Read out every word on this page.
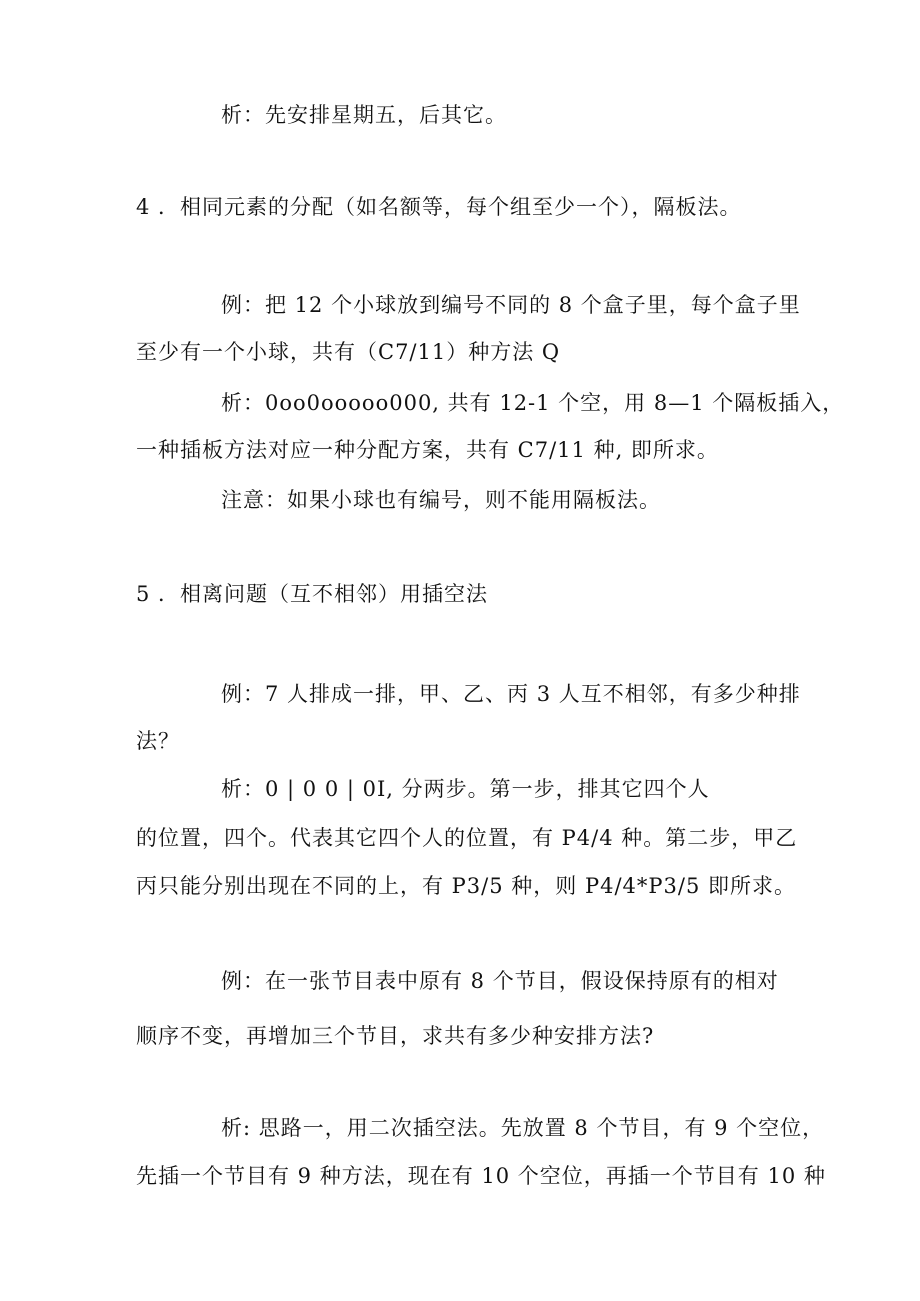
析：先安排星期五，后其它。

4 ．相同元素的分配（如名额等，每个组至少一个），隔板法。

例：把 12 个小球放到编号不同的 8 个盒子里，每个盒子里

至少有一个小球，共有（C7/11）种方法 Q

析：0oo0ooooo000, 共有 12-1 个空，用 8—1 个隔板插入，

一种插板方法对应一种分配方案，共有 C7/11 种, 即所求。

注意：如果小球也有编号，则不能用隔板法。

5 ．相离问题（互不相邻）用插空法

例：7 人排成一排，甲、乙、丙 3 人互不相邻，有多少种排

法？

析：0 | 0 0 | 0I, 分两步。第一步，排其它四个人

的位置，四个。代表其它四个人的位置，有 P4/4 种。第二步，甲乙

丙只能分别出现在不同的上，有 P3/5 种，则 P4/4*P3/5 即所求。

例：在一张节目表中原有 8 个节目，假设保持原有的相对

顺序不变，再增加三个节目，求共有多少种安排方法?

析: 思路一，用二次插空法。先放置 8 个节目，有 9 个空位，

先插一个节目有 9 种方法，现在有 10 个空位，再插一个节目有 10 种
